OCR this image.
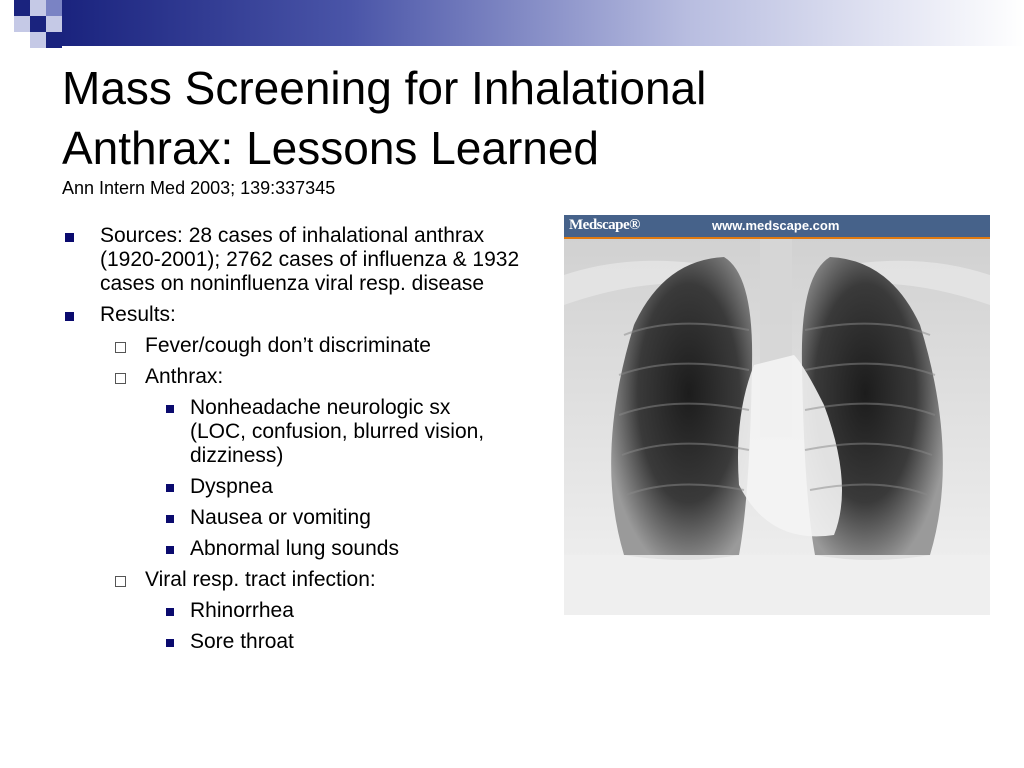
Mass Screening for Inhalational
Anthrax: Lessons Learned
Ann Intern Med 2003; 139:337345
Sources: 28 cases of inhalational anthrax (1920-2001); 2762 cases of influenza & 1932 cases on noninfluenza viral resp. disease
Results:
Fever/cough don’t discriminate
Anthrax:
Nonheadache neurologic sx (LOC, confusion, blurred vision, dizziness)
Dyspnea
Nausea or vomiting
Abnormal lung sounds
Viral resp. tract infection:
Rhinorrhea
Sore throat
Medscape®	www.medscape.com
